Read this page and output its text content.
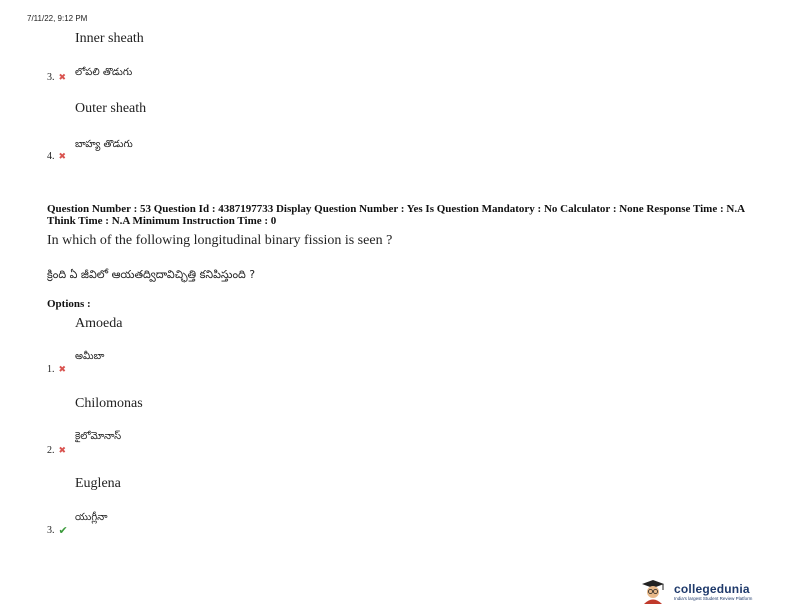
7/11/22, 9:12 PM
Inner sheath
లోపలి తొడుగు
3. ✖
Outer sheath
బాహ్య తొడుగు
4. ✖
Question Number : 53 Question Id : 4387197733 Display Question Number : Yes Is Question Mandatory : No Calculator : None Response Time : N.A Think Time : N.A Minimum Instruction Time : 0
In which of the following longitudinal binary fission is seen ?
క్రింది ఏ జీవిలో ఆయతద్విదావిచ్ఛిత్తి కనిపిస్తుంది ?
Options :
Amoeda
అమీబా
1. ✖
Chilomonas
కైలోమోనాస్
2. ✖
Euglena
యుగ్లీనా
3. ✔
collegedunia
India's largest Student Review Platform
